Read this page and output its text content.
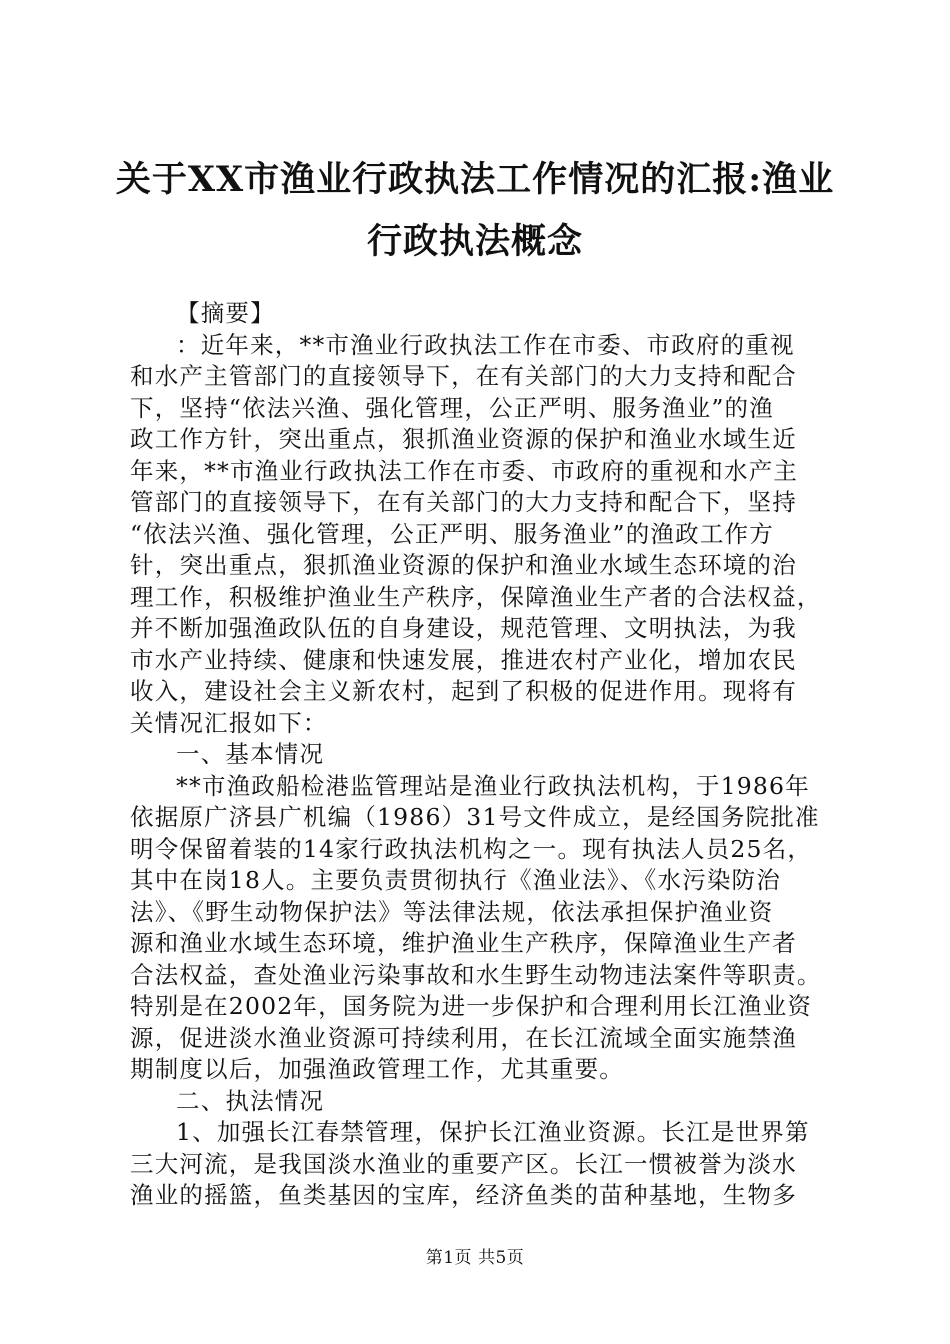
关于XX市渔业行政执法工作情况的汇报:渔业
行政执法概念
【摘要】
：近年来，**市渔业行政执法工作在市委、市政府的重视
和水产主管部门的直接领导下，在有关部门的大力支持和配合
下，坚持“依法兴渔、强化管理，公正严明、服务渔业”的渔
政工作方针，突出重点，狠抓渔业资源的保护和渔业水域生近
年来，**市渔业行政执法工作在市委、市政府的重视和水产主
管部门的直接领导下，在有关部门的大力支持和配合下，坚持
“依法兴渔、强化管理，公正严明、服务渔业”的渔政工作方
针，突出重点，狠抓渔业资源的保护和渔业水域生态环境的治
理工作，积极维护渔业生产秩序，保障渔业生产者的合法权益，
并不断加强渔政队伍的自身建设，规范管理、文明执法，为我
市水产业持续、健康和快速发展，推进农村产业化，增加农民
收入，建设社会主义新农村，起到了积极的促进作用。现将有
关情况汇报如下：
一、基本情况
**市渔政船检港监管理站是渔业行政执法机构，于1986年
依据原广济县广机编（1986）31号文件成立，是经国务院批准
明令保留着装的14家行政执法机构之一。现有执法人员25名，
其中在岗18人。主要负责贯彻执行《渔业法》、《水污染防治
法》、《野生动物保护法》等法律法规，依法承担保护渔业资
源和渔业水域生态环境，维护渔业生产秩序，保障渔业生产者
合法权益，查处渔业污染事故和水生野生动物违法案件等职责。
特别是在2002年，国务院为进一步保护和合理利用长江渔业资
源，促进淡水渔业资源可持续利用，在长江流域全面实施禁渔
期制度以后，加强渔政管理工作，尤其重要。
二、执法情况
1、加强长江春禁管理，保护长江渔业资源。长江是世界第
三大河流，是我国淡水渔业的重要产区。长江一惯被誉为淡水
渔业的摇篮，鱼类基因的宝库，经济鱼类的苗种基地，生物多
第1页 共5页
